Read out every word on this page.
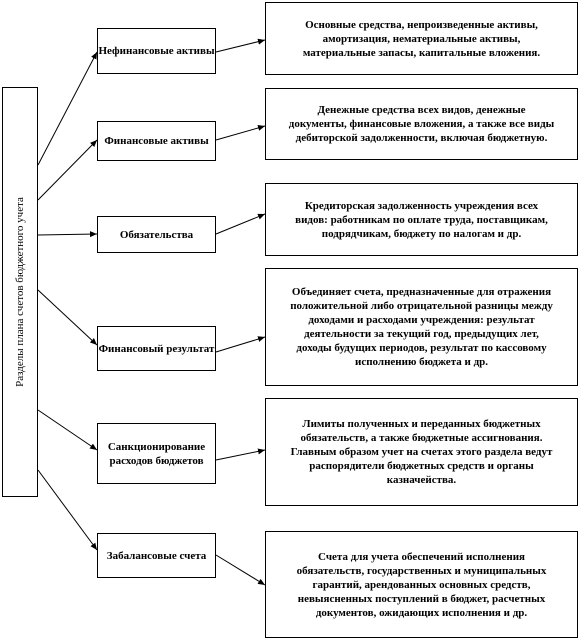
Разделы плана счетов бюджетного учета
Нефинансовые активы
Основные средства, непроизведенные активы, амортизация, нематериальные активы, материальные запасы, капитальные вложения.
Финансовые активы
Денежные средства всех видов, денежные документы, финансовые вложения, а также все виды дебиторской задолженности, включая бюджетную.
Обязательства
Кредиторская задолженность учреждения всех видов: работникам по оплате труда, поставщикам, подрядчикам, бюджету по налогам и др.
Финансовый результат
Объединяет счета, предназначенные для отражения положительной либо отрицательной разницы между доходами и расходами учреждения: результат деятельности за текущий год, предыдущих лет, доходы будущих периодов, результат по кассовому исполнению бюджета и др.
Санкционирование расходов бюджетов
Лимиты полученных и переданных бюджетных обязательств, а также бюджетные ассигнования. Главным образом учет на счетах этого раздела ведут распорядители бюджетных средств и органы казначейства.
Забалансовые счета	Счета для учета обеспечений исполнения обязательств, государственных и муниципальных гарантий, арендованных основных средств, невыясненных поступлений в бюджет, расчетных документов, ожидающих исполнения и др.
